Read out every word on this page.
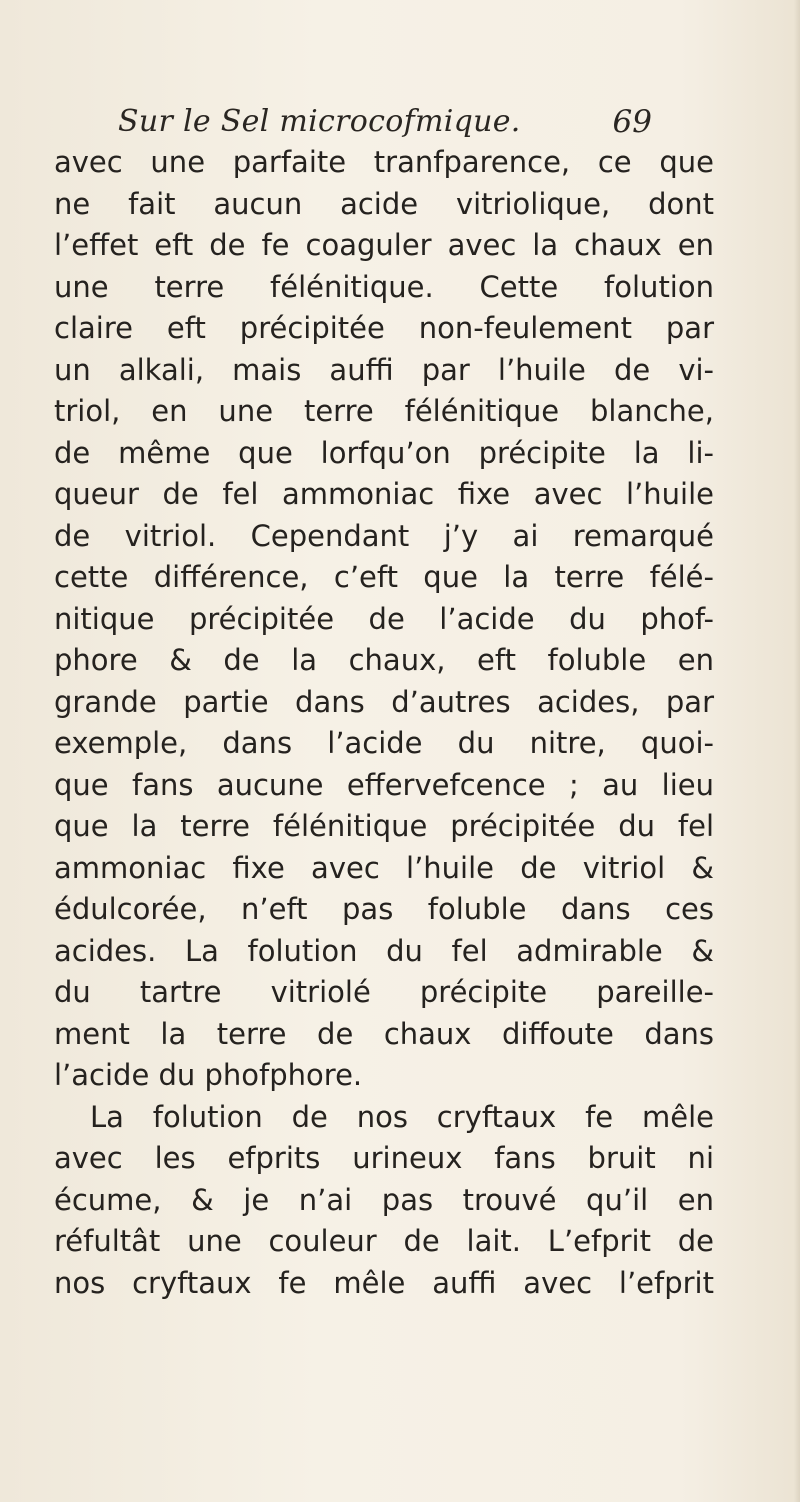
Sur le Sel microcofmique.	69
avec une parfaite tranfparence, ce que
ne fait aucun acide vitriolique, dont
l’effet eft de fe coaguler avec la chaux en
une terre félénitique. Cette folution
claire eft précipitée non-feulement par
un alkali, mais auffi par l’huile de vi-
triol, en une terre félénitique blanche,
de même que lorfqu’on précipite la li-
queur de fel ammoniac fixe avec l’huile
de vitriol. Cependant j’y ai remarqué
cette différence, c’eft que la terre félé-
nitique précipitée de l’acide du phof-
phore & de la chaux, eft foluble en
grande partie dans d’autres acides, par
exemple, dans l’acide du nitre, quoi-
que fans aucune effervefcence ; au lieu
que la terre félénitique précipitée du fel
ammoniac fixe avec l’huile de vitriol &
édulcorée, n’eft pas foluble dans ces
acides. La folution du fel admirable &
du tartre vitriolé précipite pareille-
ment la terre de chaux diffoute dans
l’acide du phofphore.
La folution de nos cryftaux fe mêle
avec les efprits urineux fans bruit ni
écume, & je n’ai pas trouvé qu’il en
réfultât une couleur de lait. L’efprit de
nos cryftaux fe mêle auffi avec l’efprit
